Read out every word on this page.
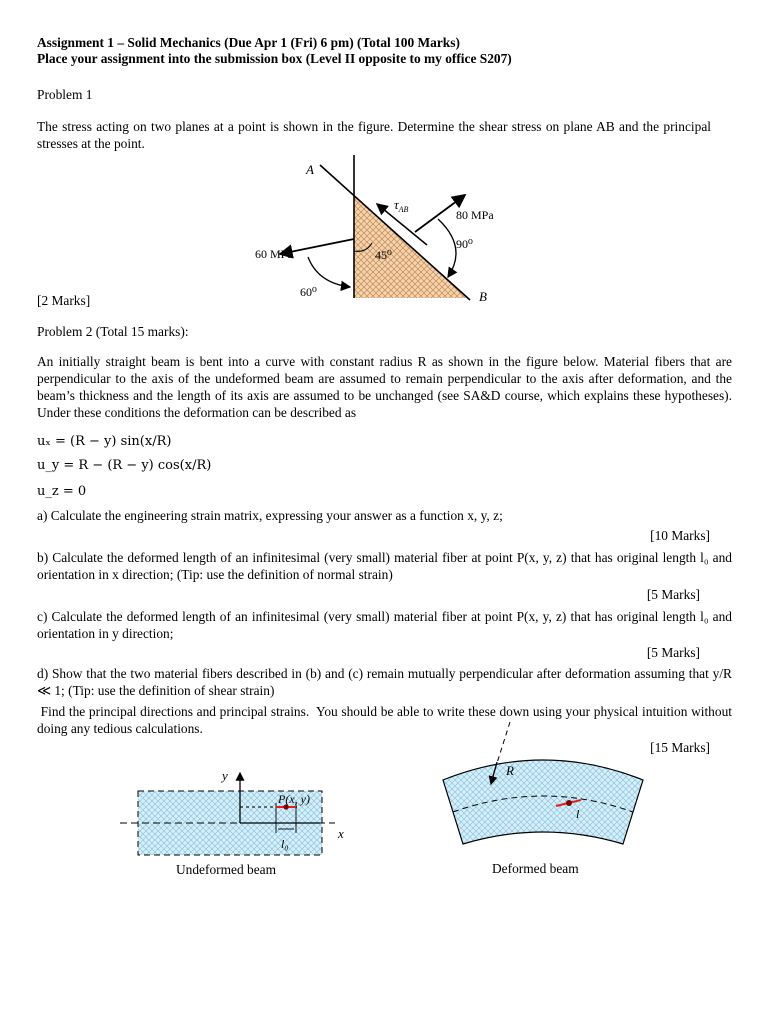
Assignment 1 – Solid Mechanics (Due Apr 1 (Fri) 6 pm) (Total 100 Marks)
Place your assignment into the submission box (Level II opposite to my office S207)
Problem 1
The stress acting on two planes at a point is shown in the figure. Determine the shear stress on plane AB and the principal stresses at the point.
A
B
$\tau_{AB}$	80 MPa
60 MPa
90⁰
45⁰
60⁰
[2 Marks]
Problem 2 (Total 15 marks):
An initially straight beam is bent into a curve with constant radius R as shown in the figure below. Material fibers that are perpendicular to the axis of the undeformed beam are assumed to remain perpendicular to the axis after deformation, and the beam’s thickness and the length of its axis are assumed to be unchanged (see SA&D course, which explains these hypotheses). Under these conditions the deformation can be described as
uₓ = (R − y) sin(x/R)
u_y = R − (R − y) cos(x/R)
u_z = 0
a) Calculate the engineering strain matrix, expressing your answer as a function x, y, z;
[10 Marks]
b) Calculate the deformed length of an infinitesimal (very small) material fiber at point P(x, y, z) that has original length l₀ and orientation in x direction; (Tip: use the definition of normal strain)
[5 Marks]
c) Calculate the deformed length of an infinitesimal (very small) material fiber at point P(x, y, z) that has original length l₀ and orientation in y direction;
[5 Marks]
d) Show that the two material fibers described in (b) and (c) remain mutually perpendicular after deformation assuming that y/R ≪ 1; (Tip: use the definition of shear strain)
Find the principal directions and principal strains.  You should be able to write these down using your physical intuition without doing any tedious calculations.
[15 Marks]
y
x
P(x, y)
l₀
Undeformed beam
R
l
Deformed beam
